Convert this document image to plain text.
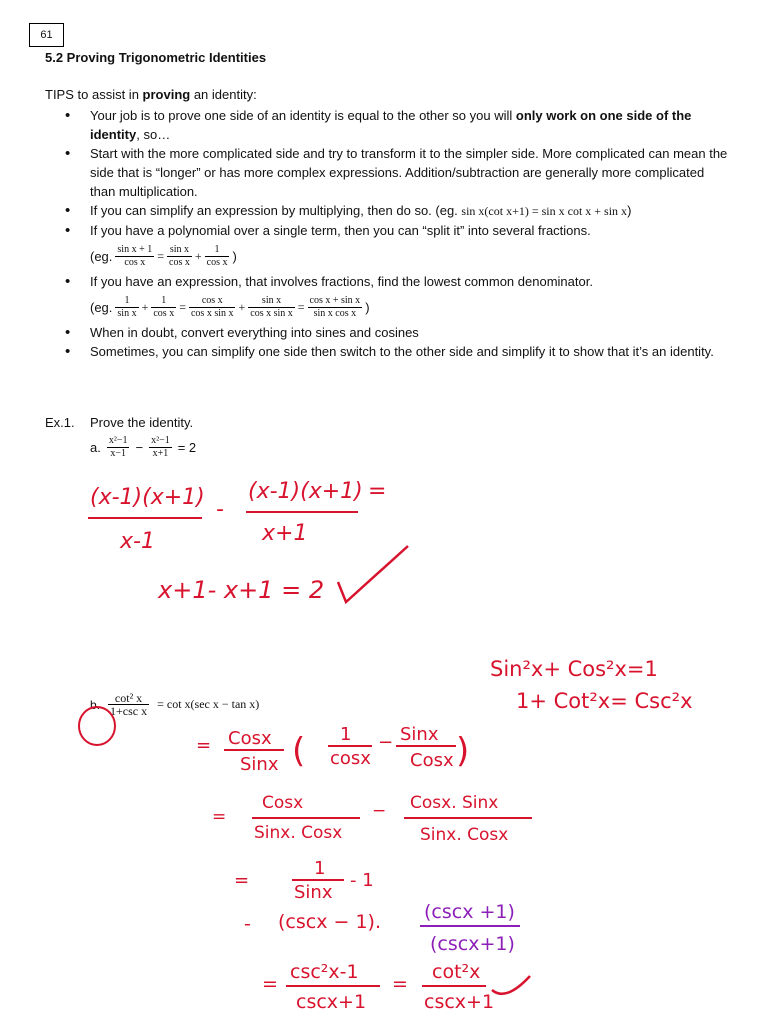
61
5.2 Proving Trigonometric Identities
TIPS to assist in proving an identity:
• Your job is to prove one side of an identity is equal to the other so you will only work on one side of the identity, so…
• Start with the more complicated side and try to transform it to the simpler side. More complicated can mean the side that is “longer” or has more complex expressions. Addition/subtraction are generally more complicated than multiplication.
• If you can simplify an expression by multiplying, then do so. (eg. sin x(cot x+1) = sin x cot x + sin x)
• If you have a polynomial over a single term, then you can “split it” into several fractions.
(eg. $\frac{\text{sin x + 1}}{\text{cos x}} = \frac{\text{sin x}}{\text{cos x}} + \frac{1}{\text{cos x}}$ )
• If you have an expression, that involves fractions, find the lowest common denominator.
(eg. $\frac{1}{\text{sin x}} + \frac{1}{\text{cos x}} = \frac{\text{cos x}}{\text{cos x sin x}} + \frac{\text{sin x}}{\text{cos x sin x}} = \frac{\text{cos x + sin x}}{\text{sin x cos x}}$ )
• When in doubt, convert everything into sines and cosines
• Sometimes, you can simplify one side then switch to the other side and simplify it to show that it’s an identity.
Ex.1. Prove the identity.
a. $\frac{\text{x²−1}}{x-1} - \frac{\text{x²−1}}{x+1} = 2$
b. $\frac{\text{cot² x}}{\text{1+csc x}} = \cot x(\sec$ x − tan x)
(x-1)(x+1)
x-1
-
(x-1)(x+1)
x+1
=
x+1- x+1 = 2
Sin²x+ Cos²x=1
1+ Cot²x= Csc²x
= Cosx
Sinx ( 1
cosx
− Sinx
Cosx )
=
Cosx
Sinx. Cosx
− Cosx. Sinx
Sinx. Cosx
=
1
Sinx
- 1
- (cscx − 1). (cscx +1)
(cscx+1)
=
csc²x-1
cscx+1
=
cot²x
cscx+1
